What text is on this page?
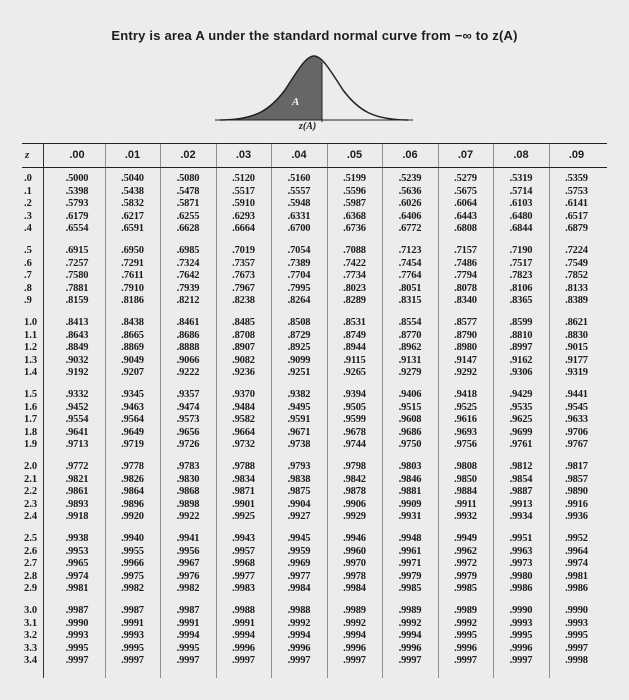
Entry is area A under the standard normal curve from −∞ to z(A)
A
z(A)
z	.00	.01	.02	.03	.04	.05	.06	.07	.08	.09
.0	.5000	.5040	.5080	.5120	.5160	.5199	.5239	.5279	.5319	.5359
.1	.5398	.5438	.5478	.5517	.5557	.5596	.5636	.5675	.5714	.5753
.2	.5793	.5832	.5871	.5910	.5948	.5987	.6026	.6064	.6103	.6141
.3	.6179	.6217	.6255	.6293	.6331	.6368	.6406	.6443	.6480	.6517
.4	.6554	.6591	.6628	.6664	.6700	.6736	.6772	.6808	.6844	.6879
.5	.6915	.6950	.6985	.7019	.7054	.7088	.7123	.7157	.7190	.7224
.6	.7257	.7291	.7324	.7357	.7389	.7422	.7454	.7486	.7517	.7549
.7	.7580	.7611	.7642	.7673	.7704	.7734	.7764	.7794	.7823	.7852
.8	.7881	.7910	.7939	.7967	.7995	.8023	.8051	.8078	.8106	.8133
.9	.8159	.8186	.8212	.8238	.8264	.8289	.8315	.8340	.8365	.8389
1.0	.8413	.8438	.8461	.8485	.8508	.8531	.8554	.8577	.8599	.8621
1.1	.8643	.8665	.8686	.8708	.8729	.8749	.8770	.8790	.8810	.8830
1.2	.8849	.8869	.8888	.8907	.8925	.8944	.8962	.8980	.8997	.9015
1.3	.9032	.9049	.9066	.9082	.9099	.9115	.9131	.9147	.9162	.9177
1.4	.9192	.9207	.9222	.9236	.9251	.9265	.9279	.9292	.9306	.9319
1.5	.9332	.9345	.9357	.9370	.9382	.9394	.9406	.9418	.9429	.9441
1.6	.9452	.9463	.9474	.9484	.9495	.9505	.9515	.9525	.9535	.9545
1.7	.9554	.9564	.9573	.9582	.9591	.9599	.9608	.9616	.9625	.9633
1.8	.9641	.9649	.9656	.9664	.9671	.9678	.9686	.9693	.9699	.9706
1.9	.9713	.9719	.9726	.9732	.9738	.9744	.9750	.9756	.9761	.9767
2.0	.9772	.9778	.9783	.9788	.9793	.9798	.9803	.9808	.9812	.9817
2.1	.9821	.9826	.9830	.9834	.9838	.9842	.9846	.9850	.9854	.9857
2.2	.9861	.9864	.9868	.9871	.9875	.9878	.9881	.9884	.9887	.9890
2.3	.9893	.9896	.9898	.9901	.9904	.9906	.9909	.9911	.9913	.9916
2.4	.9918	.9920	.9922	.9925	.9927	.9929	.9931	.9932	.9934	.9936
2.5	.9938	.9940	.9941	.9943	.9945	.9946	.9948	.9949	.9951	.9952
2.6	.9953	.9955	.9956	.9957	.9959	.9960	.9961	.9962	.9963	.9964
2.7	.9965	.9966	.9967	.9968	.9969	.9970	.9971	.9972	.9973	.9974
2.8	.9974	.9975	.9976	.9977	.9977	.9978	.9979	.9979	.9980	.9981
2.9	.9981	.9982	.9982	.9983	.9984	.9984	.9985	.9985	.9986	.9986
3.0	.9987	.9987	.9987	.9988	.9988	.9989	.9989	.9989	.9990	.9990
3.1	.9990	.9991	.9991	.9991	.9992	.9992	.9992	.9992	.9993	.9993
3.2	.9993	.9993	.9994	.9994	.9994	.9994	.9994	.9995	.9995	.9995
3.3	.9995	.9995	.9995	.9996	.9996	.9996	.9996	.9996	.9996	.9997
3.4	.9997	.9997	.9997	.9997	.9997	.9997	.9997	.9997	.9997	.9998
